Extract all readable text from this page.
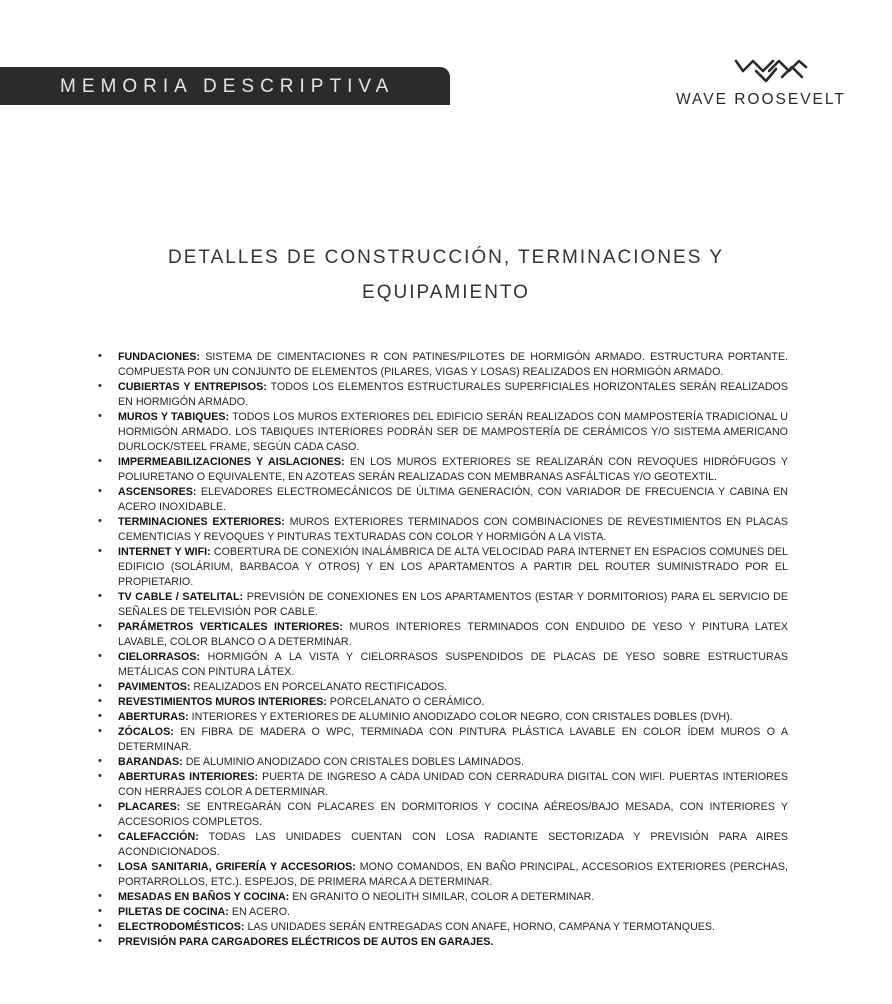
MEMORIA DESCRIPTIVA
WAVE ROOSEVELT
DETALLES DE CONSTRUCCIÓN, TERMINACIONES Y EQUIPAMIENTO
• FUNDACIONES: SISTEMA DE CIMENTACIONES R CON PATINES/PILOTES DE HORMIGÓN ARMADO. ESTRUCTURA PORTANTE. COMPUESTA POR UN CONJUNTO DE ELEMENTOS (PILARES, VIGAS Y LOSAS) REALIZADOS EN HORMIGÓN ARMADO.
• CUBIERTAS Y ENTREPISOS: TODOS LOS ELEMENTOS ESTRUCTURALES SUPERFICIALES HORIZONTALES SERÁN REALIZADOS EN HORMIGÓN ARMADO.
• MUROS Y TABIQUES: TODOS LOS MUROS EXTERIORES DEL EDIFICIO SERÁN REALIZADOS CON MAMPOSTERÍA TRADICIONAL U HORMIGÓN ARMADO. LOS TABIQUES INTERIORES PODRÁN SER DE MAMPOSTERÍA DE CERÁMICOS Y/O SISTEMA AMERICANO DURLOCK/STEEL FRAME, SEGÚN CADA CASO.
• IMPERMEABILIZACIONES Y AISLACIONES: EN LOS MUROS EXTERIORES SE REALIZARÁN CON REVOQUES HIDRÓFUGOS Y POLIURETANO O EQUIVALENTE, EN AZOTEAS SERÁN REALIZADAS CON MEMBRANAS ASFÁLTICAS Y/O GEOTEXTIL.
• ASCENSORES: ELEVADORES ELECTROMECÁNICOS DE ÚLTIMA GENERACIÓN, CON VARIADOR DE FRECUENCIA Y CABINA EN ACERO INOXIDABLE.
• TERMINACIONES EXTERIORES: MUROS EXTERIORES TERMINADOS CON COMBINACIONES DE REVESTIMIENTOS EN PLACAS CEMENTICIAS Y REVOQUES Y PINTURAS TEXTURADAS CON COLOR Y HORMIGÓN A LA VISTA.
• INTERNET Y WIFI: COBERTURA DE CONEXIÓN INALÁMBRICA DE ALTA VELOCIDAD PARA INTERNET EN ESPACIOS COMUNES DEL EDIFICIO (SOLÁRIUM, BARBACOA Y OTROS) Y EN LOS APARTAMENTOS A PARTIR DEL ROUTER SUMINISTRADO POR EL PROPIETARIO.
• TV CABLE / SATELITAL: PREVISIÓN DE CONEXIONES EN LOS APARTAMENTOS (ESTAR Y DORMITORIOS) PARA EL SERVICIO DE SEÑALES DE TELEVISIÓN POR CABLE.
• PARÁMETROS VERTICALES INTERIORES: MUROS INTERIORES TERMINADOS CON ENDUIDO DE YESO Y PINTURA LATEX LAVABLE, COLOR BLANCO O A DETERMINAR.
• CIELORRASOS: HORMIGÓN A LA VISTA Y CIELORRASOS SUSPENDIDOS DE PLACAS DE YESO SOBRE ESTRUCTURAS METÁLICAS CON PINTURA LÁTEX.
• PAVIMENTOS: REALIZADOS EN PORCELANATO RECTIFICADOS.
• REVESTIMIENTOS MUROS INTERIORES: PORCELANATO O CERÁMICO.
• ABERTURAS: INTERIORES Y EXTERIORES DE ALUMINIO ANODIZADO COLOR NEGRO, CON CRISTALES DOBLES (DVH).
• ZÓCALOS: EN FIBRA DE MADERA O WPC, TERMINADA CON PINTURA PLÁSTICA LAVABLE EN COLOR ÍDEM MUROS O A DETERMINAR.
• BARANDAS: DE ALUMINIO ANODIZADO CON CRISTALES DOBLES LAMINADOS.
• ABERTURAS INTERIORES: PUERTA DE INGRESO A CADA UNIDAD CON CERRADURA DIGITAL CON WIFI. PUERTAS INTERIORES CON HERRAJES COLOR A DETERMINAR.
• PLACARES: SE ENTREGARÁN CON PLACARES EN DORMITORIOS Y COCINA AÉREOS/BAJO MESADA, CON INTERIORES Y ACCESORIOS COMPLETOS.
• CALEFACCIÓN: TODAS LAS UNIDADES CUENTAN CON LOSA RADIANTE SECTORIZADA Y PREVISIÓN PARA AIRES ACONDICIONADOS.
• LOSA SANITARIA, GRIFERÍA Y ACCESORIOS: MONO COMANDOS, EN BAÑO PRINCIPAL, ACCESORIOS EXTERIORES (PERCHAS, PORTARROLLOS, ETC.). ESPEJOS, DE PRIMERA MARCA A DETERMINAR.
• MESADAS EN BAÑOS Y COCINA: EN GRANITO O NEOLITH SIMILAR, COLOR A DETERMINAR.
• PILETAS DE COCINA: EN ACERO.
• ELECTRODOMÉSTICOS: LAS UNIDADES SERÁN ENTREGADAS CON ANAFE, HORNO, CAMPANA Y TERMOTANQUES.
• PREVISIÓN PARA CARGADORES ELÉCTRICOS DE AUTOS EN GARAJES.
